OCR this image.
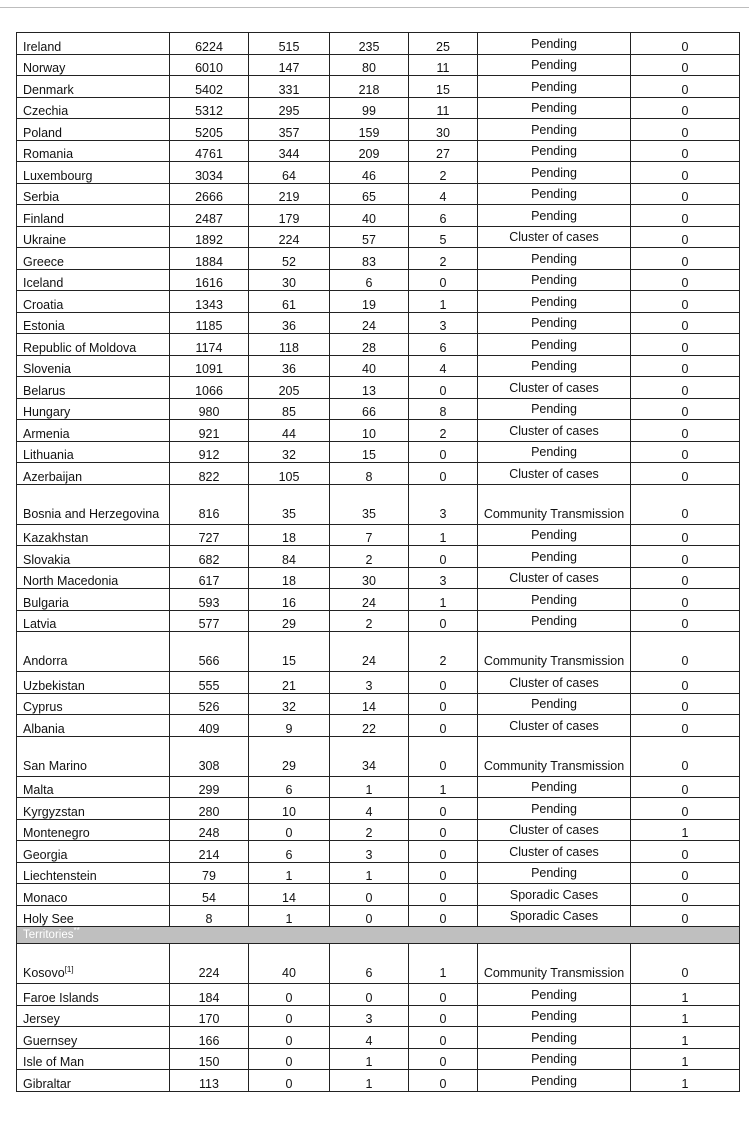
Ireland	6224	515	235	25	Pending	0
Norway	6010	147	80	11	Pending	0
Denmark	5402	331	218	15	Pending	0
Czechia	5312	295	99	11	Pending	0
Poland	5205	357	159	30	Pending	0
Romania	4761	344	209	27	Pending	0
Luxembourg	3034	64	46	2	Pending	0
Serbia	2666	219	65	4	Pending	0
Finland	2487	179	40	6	Pending	0
Ukraine	1892	224	57	5	Cluster of cases	0
Greece	1884	52	83	2	Pending	0
Iceland	1616	30	6	0	Pending	0
Croatia	1343	61	19	1	Pending	0
Estonia	1185	36	24	3	Pending	0
Republic of Moldova	1174	118	28	6	Pending	0
Slovenia	1091	36	40	4	Pending	0
Belarus	1066	205	13	0	Cluster of cases	0
Hungary	980	85	66	8	Pending	0
Armenia	921	44	10	2	Cluster of cases	0
Lithuania	912	32	15	0	Pending	0
Azerbaijan	822	105	8	0	Cluster of cases	0
Bosnia and Herzegovina	816	35	35	3	Community Transmission	0
Kazakhstan	727	18	7	1	Pending	0
Slovakia	682	84	2	0	Pending	0
North Macedonia	617	18	30	3	Cluster of cases	0
Bulgaria	593	16	24	1	Pending	0
Latvia	577	29	2	0	Pending	0
Andorra	566	15	24	2	Community Transmission	0
Uzbekistan	555	21	3	0	Cluster of cases	0
Cyprus	526	32	14	0	Pending	0
Albania	409	9	22	0	Cluster of cases	0
San Marino	308	29	34	0	Community Transmission	0
Malta	299	6	1	1	Pending	0
Kyrgyzstan	280	10	4	0	Pending	0
Montenegro	248	0	2	0	Cluster of cases	1
Georgia	214	6	3	0	Cluster of cases	0
Liechtenstein	79	1	1	0	Pending	0
Monaco	54	14	0	0	Sporadic Cases	0
Holy See	8	1	0	0	Sporadic Cases	0
Territories**
Kosovo[1]	224	40	6	1	Community Transmission	0
Faroe Islands	184	0	0	0	Pending	1
Jersey	170	0	3	0	Pending	1
Guernsey	166	0	4	0	Pending	1
Isle of Man	150	0	1	0	Pending	1
Gibraltar	113	0	1	0	Pending	1
